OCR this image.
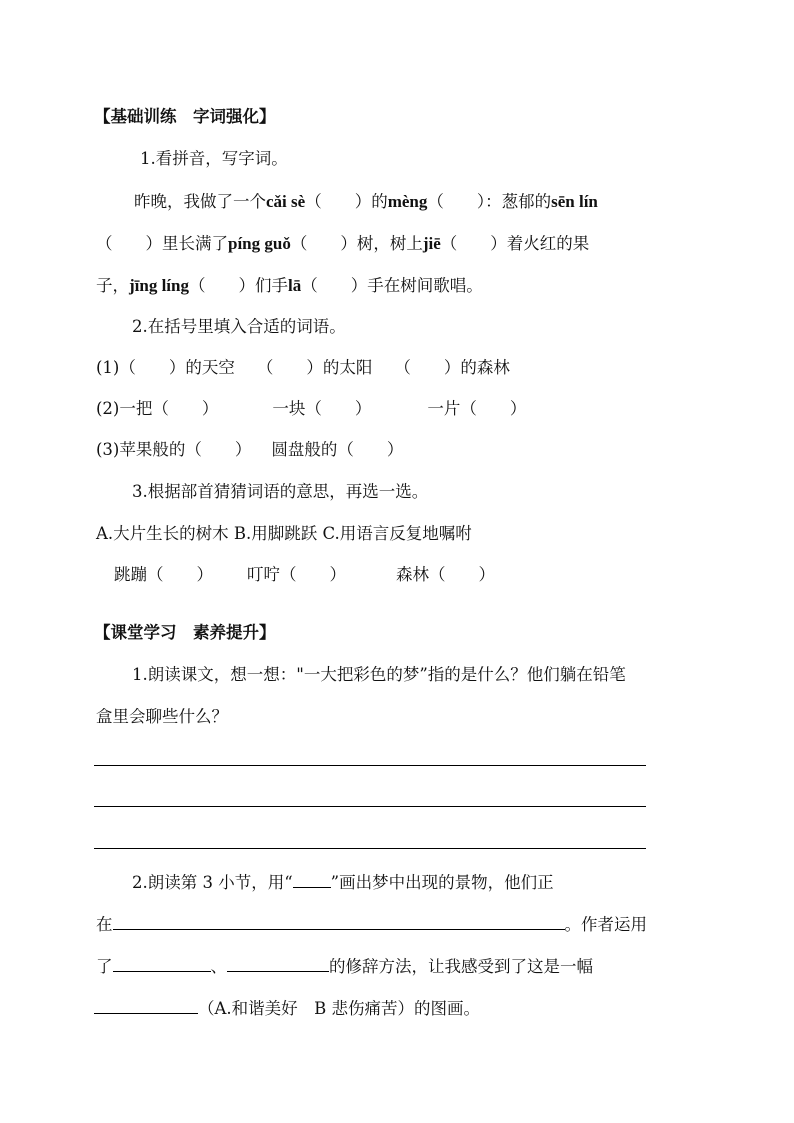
【基础训练　字词强化】
1.看拼音，写字词。
昨晚，我做了一个cǎi sè（　　）的mèng（　　）：葱郁的sēn lín
（　　）里长满了píng guǒ（　　）树，树上jiē（　　）着火红的果
子，jīng líng（　　）们手lā（　　）手在树间歌唱。
2.在括号里填入合适的词语。
(1)（　　）的天空 （　　）的太阳 （　　）的森林
(2)一把（　　）	一块（　　）	一片（　　）
(3)苹果般的（　　） 圆盘般的（　　）
3.根据部首猜猜词语的意思，再选一选。
A.大片生长的树木 B.用脚跳跃 C.用语言反复地嘱咐
跳蹦（　　） 叮咛（　　）	森林（　　）
【课堂学习　素养提升】
1.朗读课文，想一想："一大把彩色的梦”指的是什么？他们躺在铅笔
盒里会聊些什么？
2.朗读第 3 小节，用“ ”画出梦中出现的景物，他们正
在	。作者运用
了	、	的修辞方法，让我感受到了这是一幅
（A.和谐美好　B 悲伤痛苦）的图画。
